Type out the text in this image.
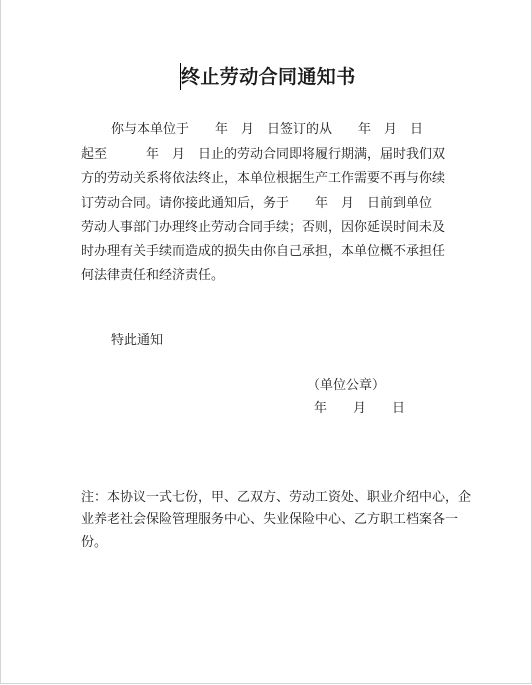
终止劳动合同通知书
你与本单位于　　年　月　日签订的从　　年　月　日
起至　　　年　月　日止的劳动合同即将履行期满，届时我们双
方的劳动关系将依法终止，本单位根据生产工作需要不再与你续
订劳动合同。请你接此通知后，务于　　年　月　日前到单位
劳动人事部门办理终止劳动合同手续；否则，因你延误时间未及
时办理有关手续而造成的损失由你自己承担，本单位概不承担任
何法律责任和经济责任。
特此通知
（单位公章）
年　　月　　日
注：本协议一式七份，甲、乙双方、劳动工资处、职业介绍中心，企
业养老社会保险管理服务中心、失业保险中心、乙方职工档案各一
份。
